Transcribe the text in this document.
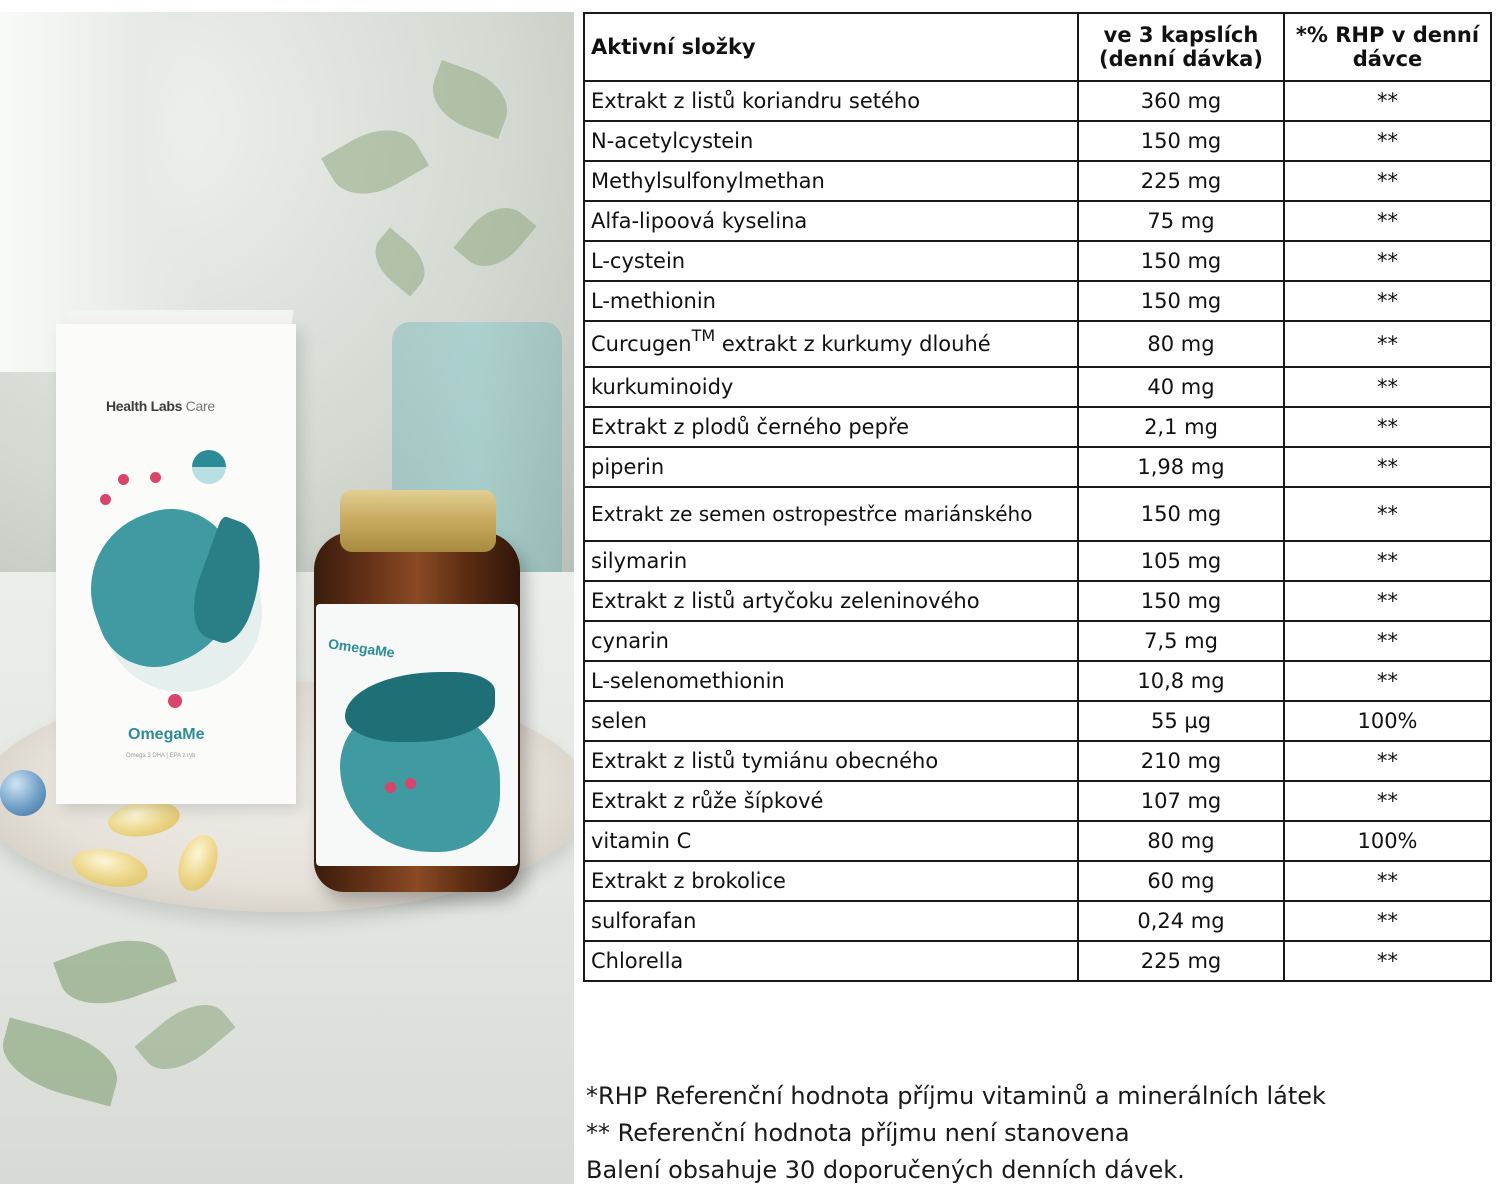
Health Labs Care
OmegaMe
Omega 3 DHA | EPA z ryb
OmegaMe
Aktivní složky	ve 3 kapslích (denní dávka)	*% RHP v denní dávce
Extrakt z listů koriandru setého	360 mg	**
N-acetylcystein	150 mg	**
Methylsulfonylmethan	225 mg	**
Alfa-lipoová kyselina	75 mg	**
L-cystein	150 mg	**
L-methionin	150 mg	**
Curcugen™ extrakt z kurkumy dlouhé	80 mg	**
kurkuminoidy	40 mg	**
Extrakt z plodů černého pepře	2,1 mg	**
piperin	1,98 mg	**
Extrakt ze semen ostropestřce mariánského	150 mg	**
silymarin	105 mg	**
Extrakt z listů artyčoku zeleninového	150 mg	**
cynarin	7,5 mg	**
L-selenomethionin	10,8 mg	**
selen	55 µg	100%
Extrakt z listů tymiánu obecného	210 mg	**
Extrakt z růže šípkové	107 mg	**
vitamin C	80 mg	100%
Extrakt z brokolice	60 mg	**
sulforafan	0,24 mg	**
Chlorella	225 mg	**
*RHP Referenční hodnota příjmu vitaminů a minerálních látek
** Referenční hodnota příjmu není stanovena
Balení obsahuje 30 doporučených denních dávek.
